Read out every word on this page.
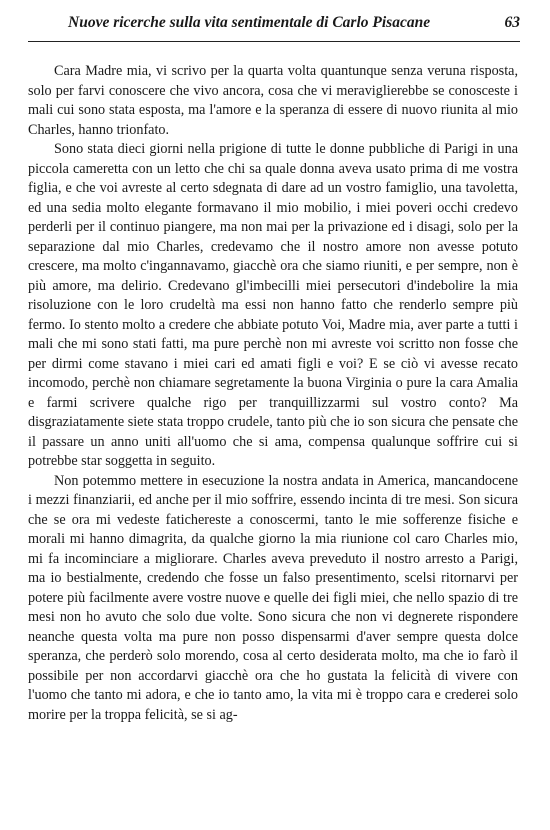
Nuove ricerche sulla vita sentimentale di Carlo Pisacane	63

Cara Madre mia, vi scrivo per la quarta volta quantunque senza veruna risposta, solo per farvi conoscere che vivo ancora, cosa che vi meraviglierebbe se conosceste i mali cui sono stata esposta, ma l'amore e la speranza di essere di nuovo riunita al mio Charles, hanno trionfato.

Sono stata dieci giorni nella prigione di tutte le donne pubbliche di Parigi in una piccola cameretta con un letto che chi sa quale donna aveva usato prima di me vostra figlia, e che voi avreste al certo sdegnata di dare ad un vostro famiglio, una tavoletta, ed una sedia molto elegante formavano il mio mobilio, i miei poveri occhi credevo perderli per il continuo piangere, ma non mai per la privazione ed i disagi, solo per la separazione dal mio Charles, credevamo che il nostro amore non avesse potuto crescere, ma molto c'ingannavamo, giacchè ora che siamo riuniti, e per sempre, non è più amore, ma delirio. Credevano gl'imbecilli miei persecutori d'indebolire la mia risoluzione con le loro crudeltà ma essi non hanno fatto che renderlo sempre più fermo. Io stento molto a credere che abbiate potuto Voi, Madre mia, aver parte a tutti i mali che mi sono stati fatti, ma pure perchè non mi avreste voi scritto non fosse che per dirmi come stavano i miei cari ed amati figli e voi? E se ciò vi avesse recato incomodo, perchè non chiamare segretamente la buona Virginia o pure la cara Amalia e farmi scrivere qualche rigo per tranquillizzarmi sul vostro conto? Ma disgraziatamente siete stata troppo crudele, tanto più che io son sicura che pensate che il passare un anno uniti all'uomo che si ama, compensa qualunque soffrire cui si potrebbe star soggetta in seguito.

Non potemmo mettere in esecuzione la nostra andata in America, mancandocene i mezzi finanziarii, ed anche per il mio soffrire, essendo incinta di tre mesi. Son sicura che se ora mi vedeste fatichereste a conoscermi, tanto le mie sofferenze fisiche e morali mi hanno dimagrita, da qualche giorno la mia riunione col caro Charles mio, mi fa incominciare a migliorare. Charles aveva preveduto il nostro arresto a Parigi, ma io bestialmente, credendo che fosse un falso presentimento, scelsi ritornarvi per potere più facilmente avere vostre nuove e quelle dei figli miei, che nello spazio di tre mesi non ho avuto che solo due volte. Sono sicura che non vi degnerete rispondere neanche questa volta ma pure non posso dispensarmi d'aver sempre questa dolce speranza, che perderò solo morendo, cosa al certo desiderata molto, ma che io farò il possibile per non accordarvi giacchè ora che ho gustata la felicità di vivere con l'uomo che tanto mi adora, e che io tanto amo, la vita mi è troppo cara e crederei solo morire per la troppa felicità, se si ag-
